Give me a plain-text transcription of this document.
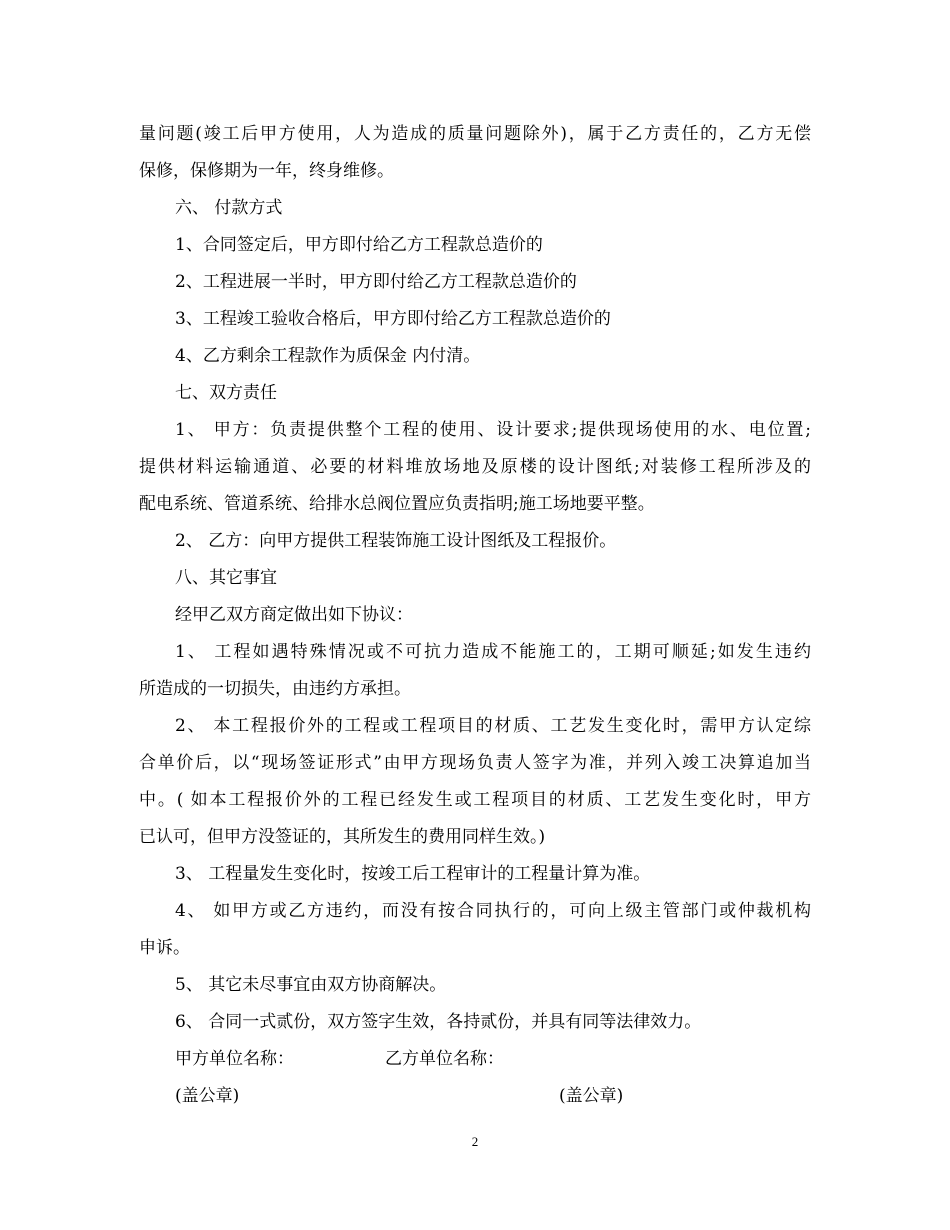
量问题(竣工后甲方使用，人为造成的质量问题除外)，属于乙方责任的，乙方无偿
保修，保修期为一年，终身维修。
六、 付款方式
1、合同签定后，甲方即付给乙方工程款总造价的
2、工程进展一半时，甲方即付给乙方工程款总造价的
3、工程竣工验收合格后，甲方即付给乙方工程款总造价的
4、乙方剩余工程款作为质保金 内付清。
七、双方责任
1、 甲方：负责提供整个工程的使用、设计要求;提供现场使用的水、电位置;
提供材料运输通道、必要的材料堆放场地及原楼的设计图纸;对装修工程所涉及的
配电系统、管道系统、给排水总阀位置应负责指明;施工场地要平整。
2、 乙方：向甲方提供工程装饰施工设计图纸及工程报价。
八、其它事宜
经甲乙双方商定做出如下协议：
1、 工程如遇特殊情况或不可抗力造成不能施工的，工期可顺延;如发生违约
所造成的一切损失，由违约方承担。
2、 本工程报价外的工程或工程项目的材质、工艺发生变化时，需甲方认定综
合单价后，以“现场签证形式”由甲方现场负责人签字为准，并列入竣工决算追加当
中。( 如本工程报价外的工程已经发生或工程项目的材质、工艺发生变化时，甲方
已认可，但甲方没签证的，其所发生的费用同样生效。)
3、 工程量发生变化时，按竣工后工程审计的工程量计算为准。
4、 如甲方或乙方违约，而没有按合同执行的，可向上级主管部门或仲裁机构
申诉。
5、 其它未尽事宜由双方协商解决。
6、 合同一式贰份，双方签字生效，各持贰份，并具有同等法律效力。
甲方单位名称：	乙方单位名称：
(盖公章)	(盖公章)
2
